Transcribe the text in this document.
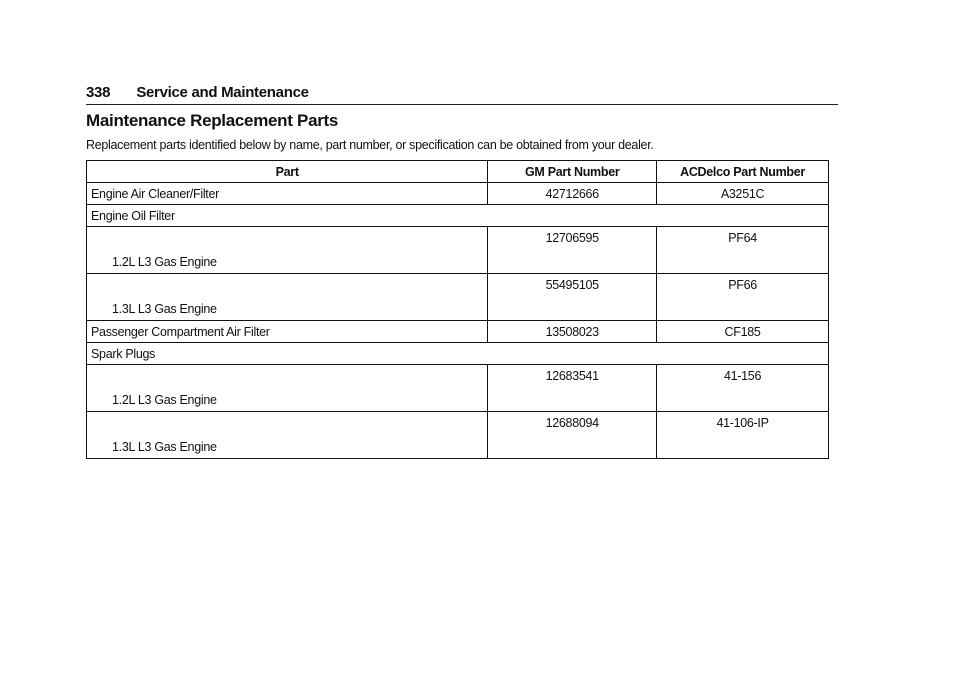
338 Service and Maintenance
Maintenance Replacement Parts
Replacement parts identified below by name, part number, or specification can be obtained from your dealer.
Part	GM Part Number	ACDelco Part Number
Engine Air Cleaner/Filter	42712666	A3251C
Engine Oil Filter		
1.2L L3 Gas Engine	12706595	PF64
1.3L L3 Gas Engine	55495105	PF66
Passenger Compartment Air Filter	13508023	CF185
Spark Plugs		
1.2L L3 Gas Engine	12683541	41-156
1.3L L3 Gas Engine	12688094	41-106-IP
